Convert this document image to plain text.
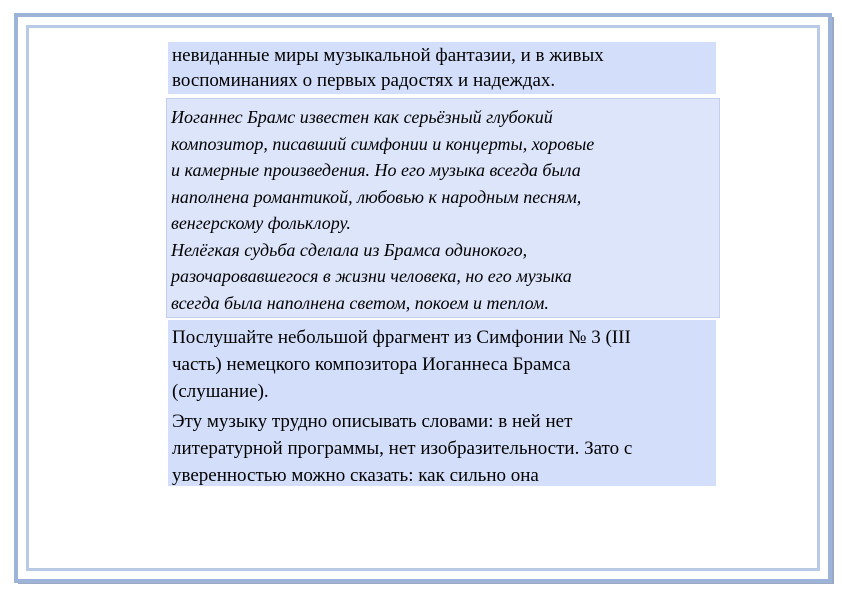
невиданные миры музыкальной фантазии, и в живых
воспоминаниях о первых радостях и надеждах.

Иоганнес Брамс известен как серьёзный глубокий
композитор, писавший симфонии и концерты, хоровые
и камерные произведения. Но его музыка всегда была
наполнена романтикой, любовью к народным песням,
венгерскому фольклору.
Нелёгкая судьба сделала из Брамса одинокого,
разочаровавшегося в жизни человека, но его музыка
всегда была наполнена светом, покоем и теплом.

Послушайте небольшой фрагмент из Симфонии № 3 (III
часть) немецкого композитора Иоганнеса Брамса
(слушание).

Эту музыку трудно описывать словами: в ней нет
литературной программы, нет изобразительности. Зато с
уверенностью можно сказать: как сильно она
